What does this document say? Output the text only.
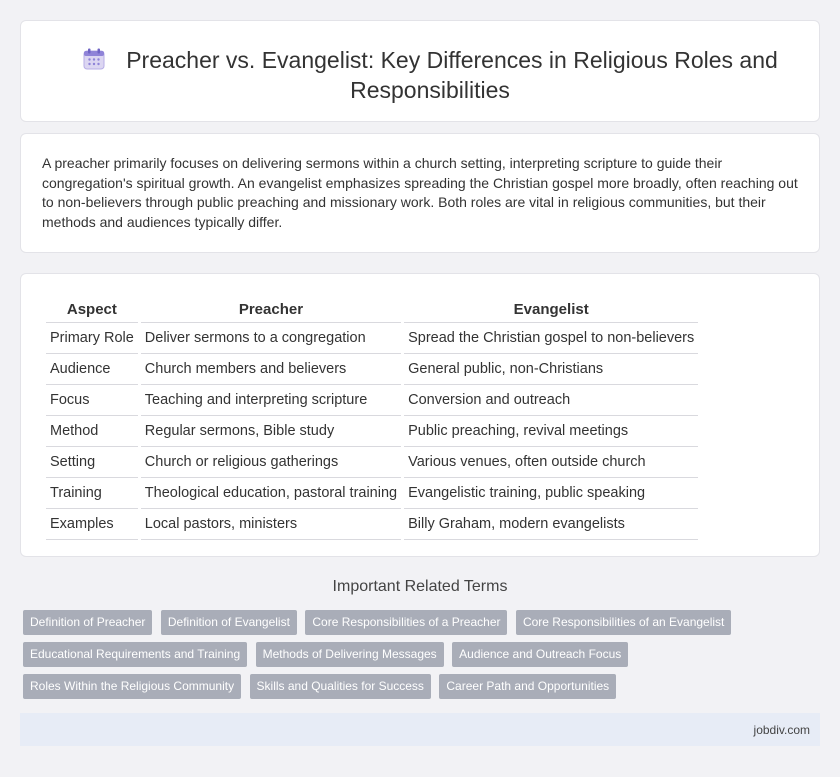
Preacher vs. Evangelist: Key Differences in Religious Roles and Responsibilities

A preacher primarily focuses on delivering sermons within a church setting, interpreting scripture to guide their congregation's spiritual growth. An evangelist emphasizes spreading the Christian gospel more broadly, often reaching out to non-believers through public preaching and missionary work. Both roles are vital in religious communities, but their methods and audiences typically differ.

Aspect	Preacher	Evangelist
Primary Role	Deliver sermons to a congregation	Spread the Christian gospel to non-believers
Audience	Church members and believers	General public, non-Christians
Focus	Teaching and interpreting scripture	Conversion and outreach
Method	Regular sermons, Bible study	Public preaching, revival meetings
Setting	Church or religious gatherings	Various venues, often outside church
Training	Theological education, pastoral training	Evangelistic training, public speaking
Examples	Local pastors, ministers	Billy Graham, modern evangelists
Important Related Terms
Definition of Preacher Definition of Evangelist Core Responsibilities of a Preacher Core Responsibilities of an Evangelist
Educational Requirements and Training Methods of Delivering Messages Audience and Outreach Focus
Roles Within the Religious Community Skills and Qualities for Success Career Path and Opportunities
jobdiv.com
